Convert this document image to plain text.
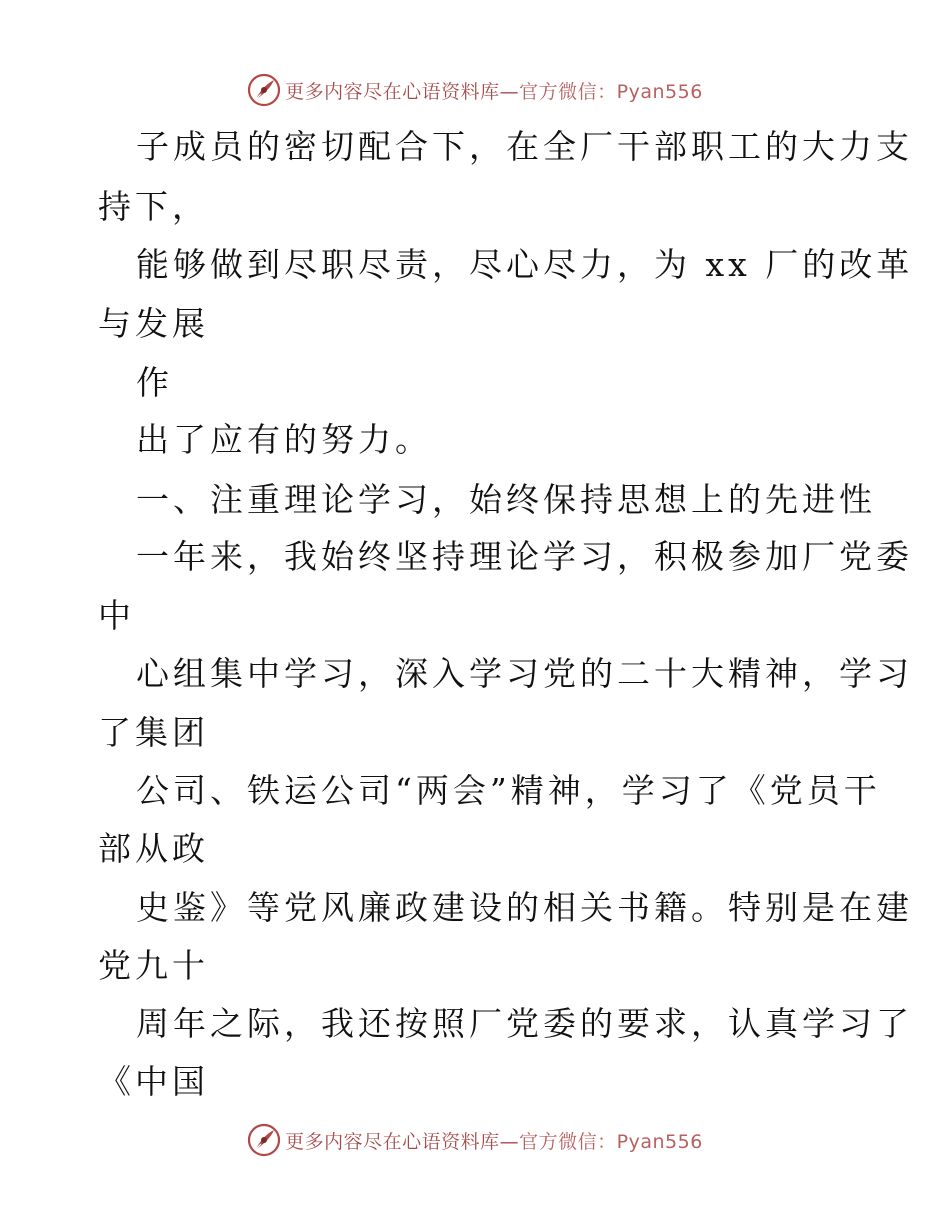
更多内容尽在心语资料库—官方微信：Pyan556
子成员的密切配合下，在全厂干部职工的大力支
持下，
能够做到尽职尽责，尽心尽力，为 xx 厂的改革
与发展
作
出了应有的努力。
一、注重理论学习，始终保持思想上的先进性
一年来，我始终坚持理论学习，积极参加厂党委
中
心组集中学习，深入学习党的二十大精神，学习
了集团
公司、铁运公司“两会”精神，学习了《党员干
部从政
史鉴》等党风廉政建设的相关书籍。特别是在建
党九十
周年之际，我还按照厂党委的要求，认真学习了
《中国
更多内容尽在心语资料库—官方微信：Pyan556
